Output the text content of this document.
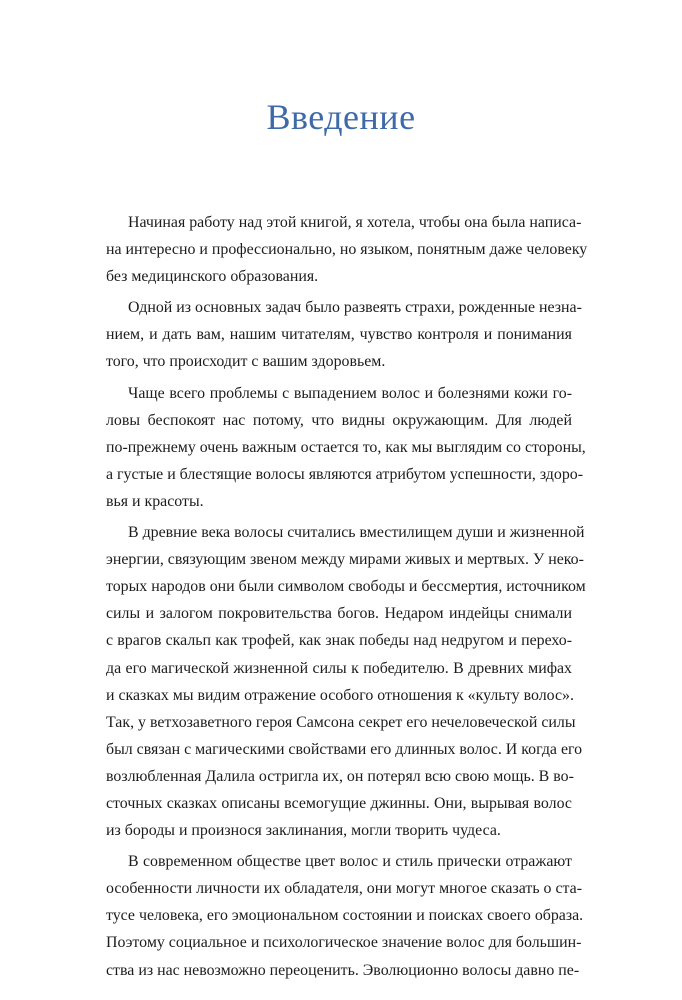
Введение
Начиная работу над этой книгой, я хотела, чтобы она была написа-
на интересно и профессионально, но языком, понятным даже человеку
без медицинского образования.
Одной из основных задач было развеять страхи, рожденные незна-
нием, и дать вам, нашим читателям, чувство контроля и понимания
того, что происходит с вашим здоровьем.
Чаще всего проблемы с выпадением волос и болезнями кожи го-
ловы беспокоят нас потому, что видны окружающим. Для людей
по-прежнему очень важным остается то, как мы выглядим со стороны,
а густые и блестящие волосы являются атрибутом успешности, здоро-
вья и красоты.
В древние века волосы считались вместилищем души и жизненной
энергии, связующим звеном между мирами живых и мертвых. У неко-
торых народов они были символом свободы и бессмертия, источником
силы и залогом покровительства богов. Недаром индейцы снимали
с врагов скальп как трофей, как знак победы над недругом и перехо-
да его магической жизненной силы к победителю. В древних мифах
и сказках мы видим отражение особого отношения к «культу волос».
Так, у ветхозаветного героя Самсона секрет его нечеловеческой силы
был связан с магическими свойствами его длинных волос. И когда его
возлюбленная Далила остригла их, он потерял всю свою мощь. В во-
сточных сказках описаны всемогущие джинны. Они, вырывая волос
из бороды и произнося заклинания, могли творить чудеса.
В современном обществе цвет волос и стиль прически отражают
особенности личности их обладателя, они могут многое сказать о ста-
тусе человека, его эмоциональном состоянии и поисках своего образа.
Поэтому социальное и психологическое значение волос для большин-
ства из нас невозможно переоценить. Эволюционно волосы давно пе-
